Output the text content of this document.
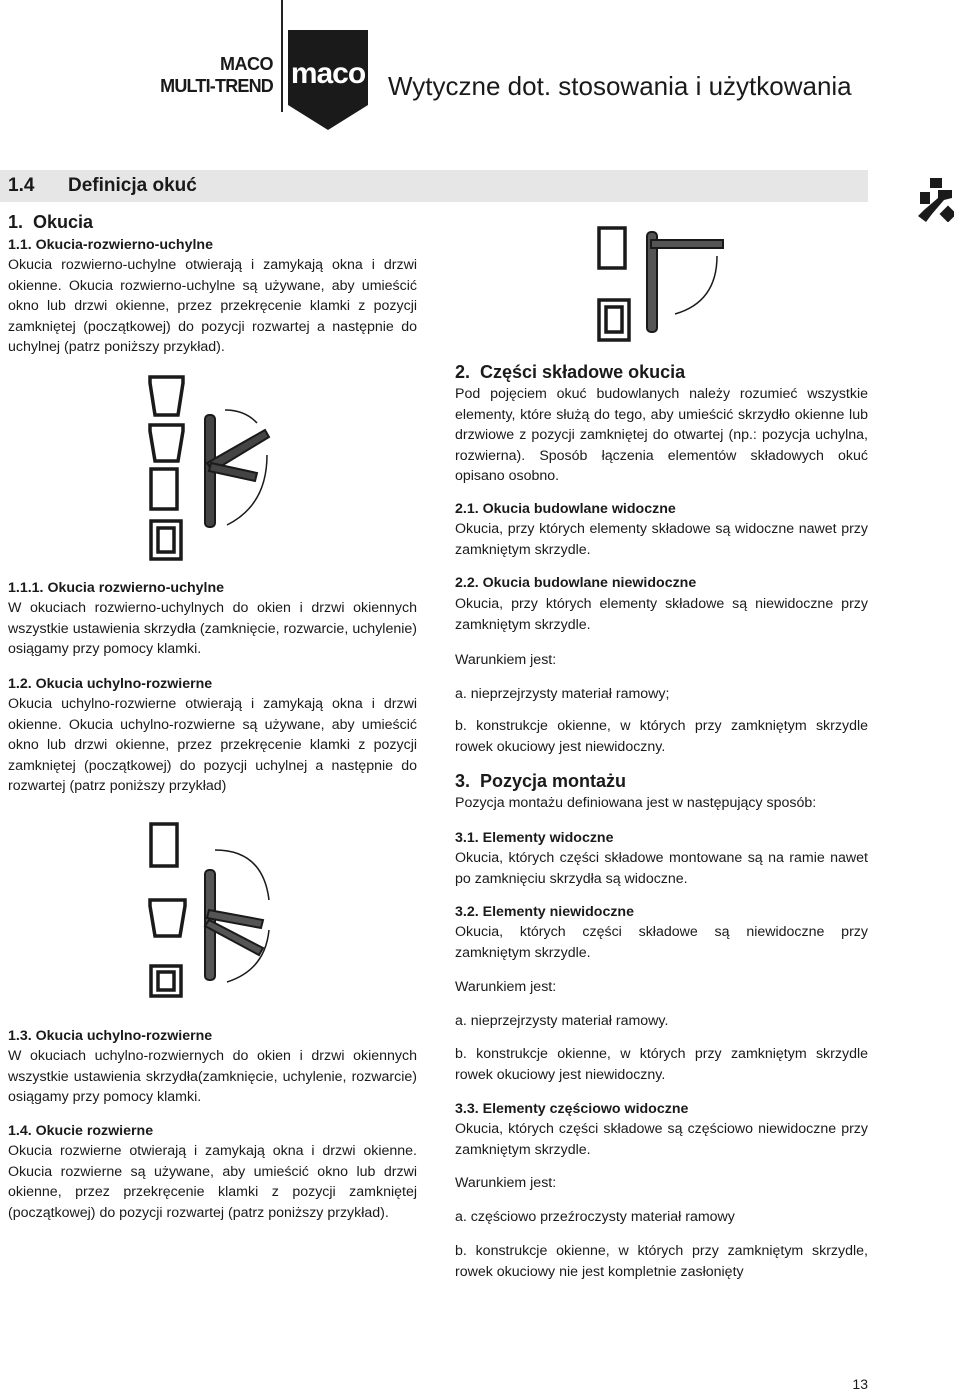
MACO
MULTI-TREND maco Wytyczne dot. stosowania i użytkowania
1.4 Definicja okuć
1.  Okucia
1.1. Okucia-rozwierno-uchylne
Okucia rozwierno-uchylne otwierają i zamykają okna i drzwi okienne. Okucia rozwierno-uchylne są używane, aby umieścić okno lub drzwi okienne, przez przekręcenie klamki z pozycji zamkniętej (początkowej) do pozycji rozwartej a następnie do uchylnej (patrz poniższy przykład).
1.1.1. Okucia rozwierno-uchylne
W okuciach rozwierno-uchylnych do okien i drzwi okiennych wszystkie ustawienia skrzydła (zamknięcie, rozwarcie, uchylenie) osiągamy przy pomocy klamki.
1.2. Okucia uchylno-rozwierne
Okucia uchylno-rozwierne otwierają i zamykają okna i drzwi okienne. Okucia uchylno-rozwierne są używane, aby umieścić okno lub drzwi okienne, przez przekręcenie klamki z pozycji zamkniętej (początkowej) do pozycji uchylnej a następnie do rozwartej (patrz poniższy przykład)
1.3. Okucia uchylno-rozwierne
W okuciach uchylno-rozwiernych do okien i drzwi okiennych wszystkie ustawienia skrzydła(zamknięcie, uchylenie, rozwarcie) osiągamy przy pomocy klamki.
1.4. Okucie rozwierne
Okucia rozwierne otwierają i zamykają okna i drzwi okienne. Okucia rozwierne są używane, aby umieścić okno lub drzwi okienne, przez przekręcenie klamki z pozycji zamkniętej (początkowej) do pozycji rozwartej (patrz poniższy przykład).
2.  Części składowe okucia
Pod pojęciem okuć budowlanych należy rozumieć wszystkie elementy, które służą do tego, aby umieścić skrzydło okienne lub drzwiowe z pozycji zamkniętej do otwartej (np.: pozycja uchylna, rozwierna). Sposób łączenia elementów składowych okuć opisano osobno.
2.1. Okucia budowlane widoczne
Okucia, przy których elementy składowe są widoczne nawet przy zamkniętym skrzydle.
2.2. Okucia budowlane niewidoczne
Okucia, przy których elementy składowe są niewidoczne przy zamkniętym skrzydle.
Warunkiem jest:
a. nieprzejrzysty materiał ramowy;
b. konstrukcje okienne, w których przy zamkniętym skrzydle rowek okuciowy jest niewidoczny.
3.  Pozycja montażu
Pozycja montażu definiowana jest w następujący sposób:
3.1. Elementy widoczne
Okucia, których części składowe montowane są na ramie nawet po zamknięciu skrzydła są widoczne.
3.2. Elementy niewidoczne
Okucia, których części składowe są niewidoczne przy zamkniętym skrzydle.
Warunkiem jest:
a. nieprzejrzysty materiał ramowy.
b. konstrukcje okienne, w których przy zamkniętym skrzydle rowek okuciowy jest niewidoczny.
3.3. Elementy częściowo widoczne
Okucia, których części składowe są częściowo niewidoczne przy zamkniętym skrzydle.
Warunkiem jest:
a. częściowo przeźroczysty materiał ramowy
b. konstrukcje okienne, w których przy zamkniętym skrzydle, rowek okuciowy nie jest kompletnie zasłonięty
13
